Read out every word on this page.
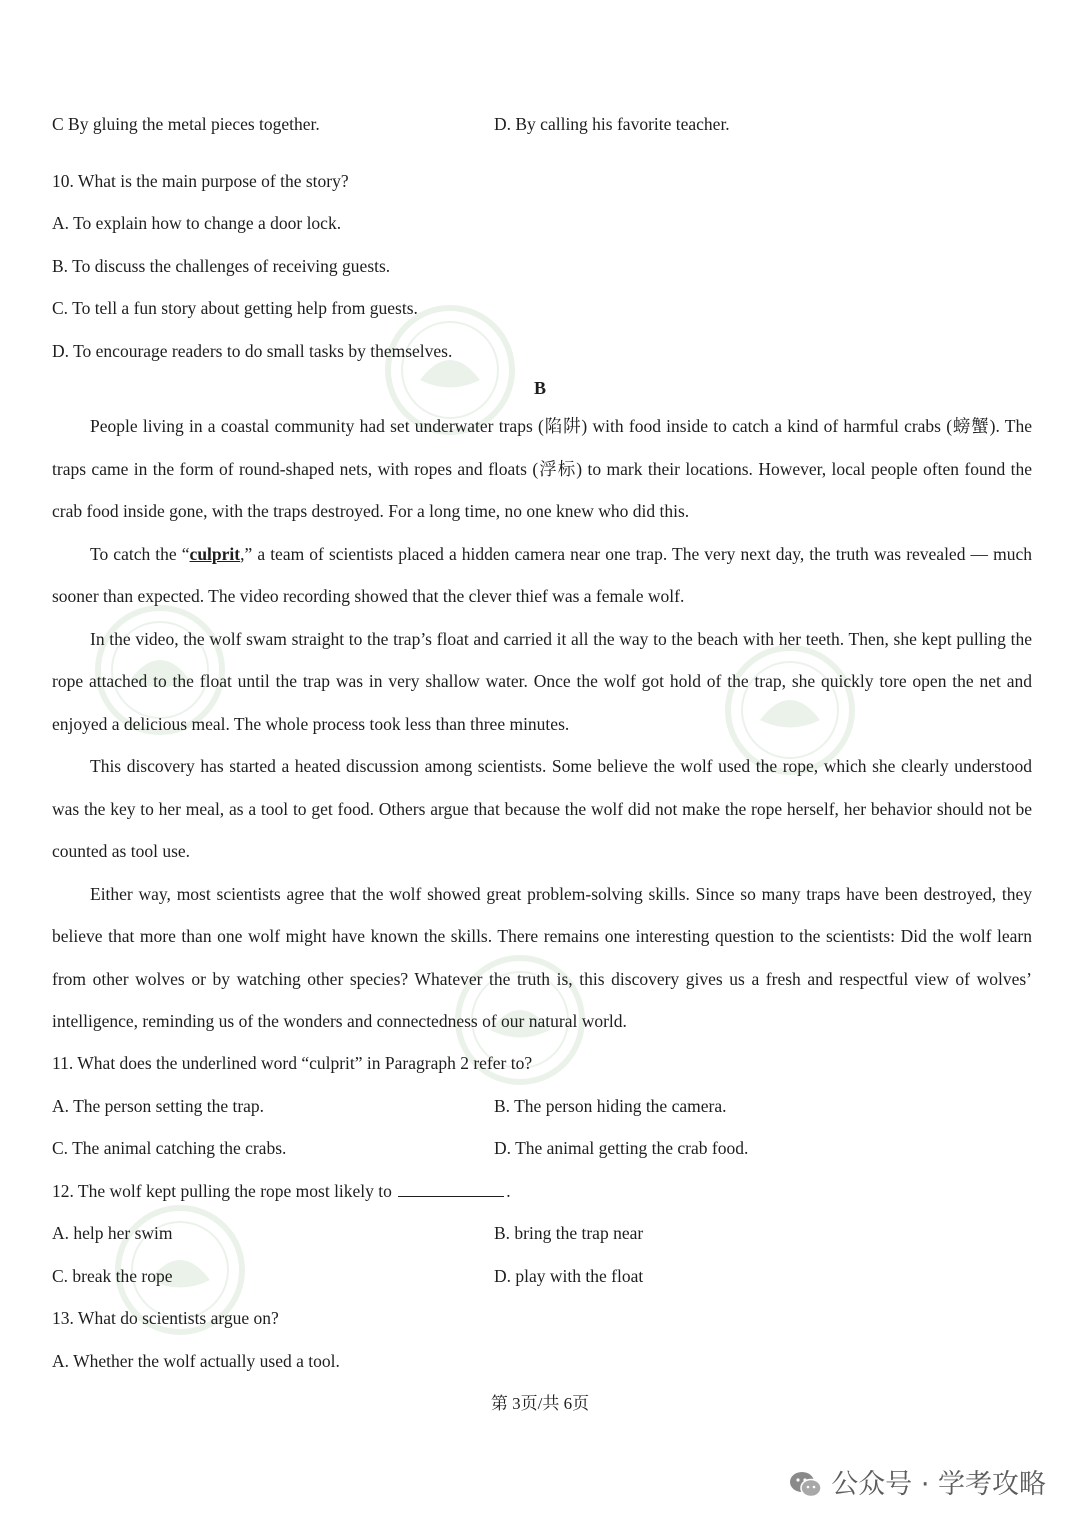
C By gluing the metal pieces together.	D. By calling his favorite teacher.
10. What is the main purpose of the story?
A. To explain how to change a door lock.
B. To discuss the challenges of receiving guests.
C. To tell a fun story about getting help from guests.
D. To encourage readers to do small tasks by themselves.
B

People living in a coastal community had set underwater traps (陷阱) with food inside to catch a kind of harmful crabs (螃蟹). The traps came in the form of round-shaped nets, with ropes and floats (浮标) to mark their locations. However, local people often found the crab food inside gone, with the traps destroyed. For a long time, no one knew who did this.

To catch the “culprit,” a team of scientists placed a hidden camera near one trap. The very next day, the truth was revealed — much sooner than expected. The video recording showed that the clever thief was a female wolf.

In the video, the wolf swam straight to the trap’s float and carried it all the way to the beach with her teeth. Then, she kept pulling the rope attached to the float until the trap was in very shallow water. Once the wolf got hold of the trap, she quickly tore open the net and enjoyed a delicious meal. The whole process took less than three minutes.

This discovery has started a heated discussion among scientists. Some believe the wolf used the rope, which she clearly understood was the key to her meal, as a tool to get food. Others argue that because the wolf did not make the rope herself, her behavior should not be counted as tool use.

Either way, most scientists agree that the wolf showed great problem-solving skills. Since so many traps have been destroyed, they believe that more than one wolf might have known the skills. There remains one interesting question to the scientists: Did the wolf learn from other wolves or by watching other species? Whatever the truth is, this discovery gives us a fresh and respectful view of wolves’ intelligence, reminding us of the wonders and connectedness of our natural world.

11. What does the underlined word “culprit” in Paragraph 2 refer to?
A. The person setting the trap.	B. The person hiding the camera.
C. The animal catching the crabs.	D. The animal getting the crab food.
12. The wolf kept pulling the rope most likely to	.
A. help her swim	B. bring the trap near
C. break the rope	D. play with the float
13. What do scientists argue on?
A. Whether the wolf actually used a tool.
第 3页/共 6页
公众号 · 学考攻略
